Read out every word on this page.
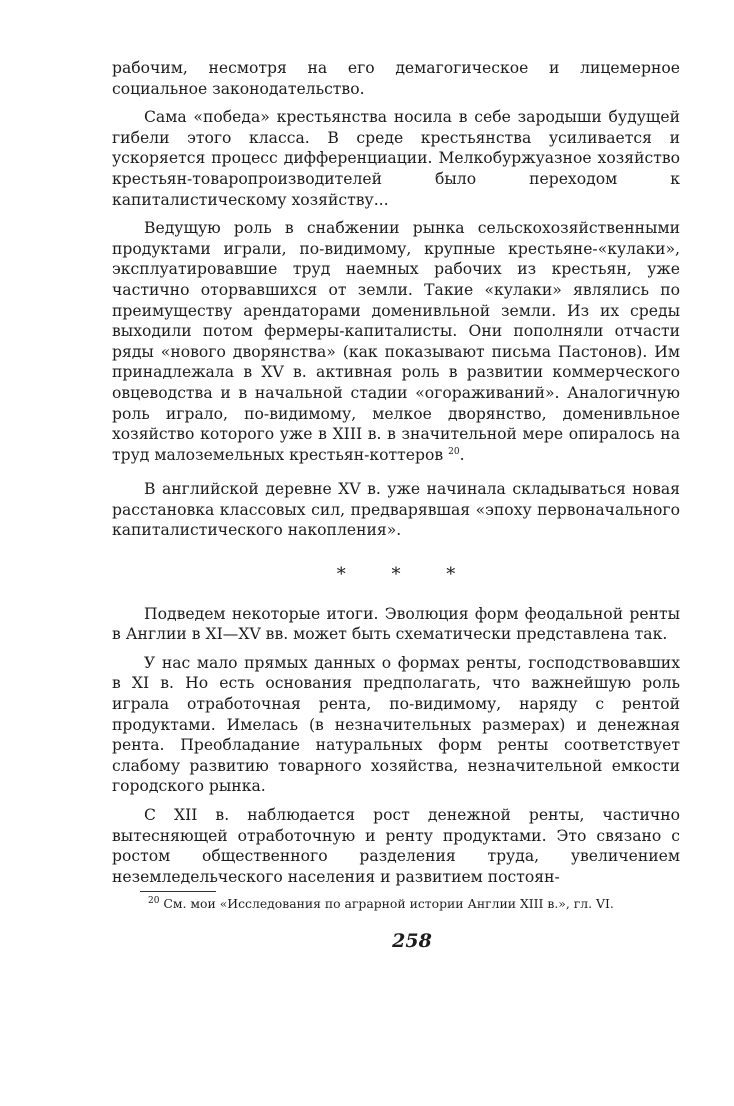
рабочим, несмотря на его демагогическое и лицемерное социальное законодательство.

Сама «победа» крестьянства носила в себе зародыши будущей гибели этого класса. В среде крестьянства усиливается и ускоряется процесс дифференциации. Мелкобуржуазное хозяйство крестьян-товаропроизводителей было переходом к капиталистическому хозяйству...

Ведущую роль в снабжении рынка сельскохозяйственными продуктами играли, по-видимому, крупные крестьяне-«кулаки», эксплуатировавшие труд наемных рабочих из крестьян, уже частично оторвавшихся от земли. Такие «кулаки» являлись по преимуществу арендаторами доменивльной земли. Из их среды выходили потом фермеры-капиталисты. Они пополняли отчасти ряды «нового дворянства» (как показывают письма Пастонов). Им принадлежала в XV в. активная роль в развитии коммерческого овцеводства и в начальной стадии «огораживаний». Аналогичную роль играло, по-видимому, мелкое дворянство, доменивльное хозяйство которого уже в XIII в. в значительной мере опиралось на труд малоземельных крестьян-коттеров $^{20}$.

В английской деревне XV в. уже начинала складываться новая расстановка классовых сил, предварявшая «эпоху первоначального капиталистического накопления».

* * *

Подведем некоторые итоги. Эволюция форм феодальной ренты в Англии в XI—XV вв. может быть схематически представлена так.

У нас мало прямых данных о формах ренты, господствовавших в XI в. Но есть основания предполагать, что важнейшую роль играла отработочная рента, по-видимому, наряду с рентой продуктами. Имелась (в незначительных размерах) и денежная рента. Преобладание натуральных форм ренты соответствует слабому развитию товарного хозяйства, незначительной емкости городского рынка.

С XII в. наблюдается рост денежной ренты, частично вытесняющей отработочную и ренту продуктами. Это связано с ростом общественного разделения труда, увеличением неземледельческого населения и развитием постоян-

$^{20}$ См. мои «Исследования по аграрной истории Англии XIII в.», гл. VI.

258
